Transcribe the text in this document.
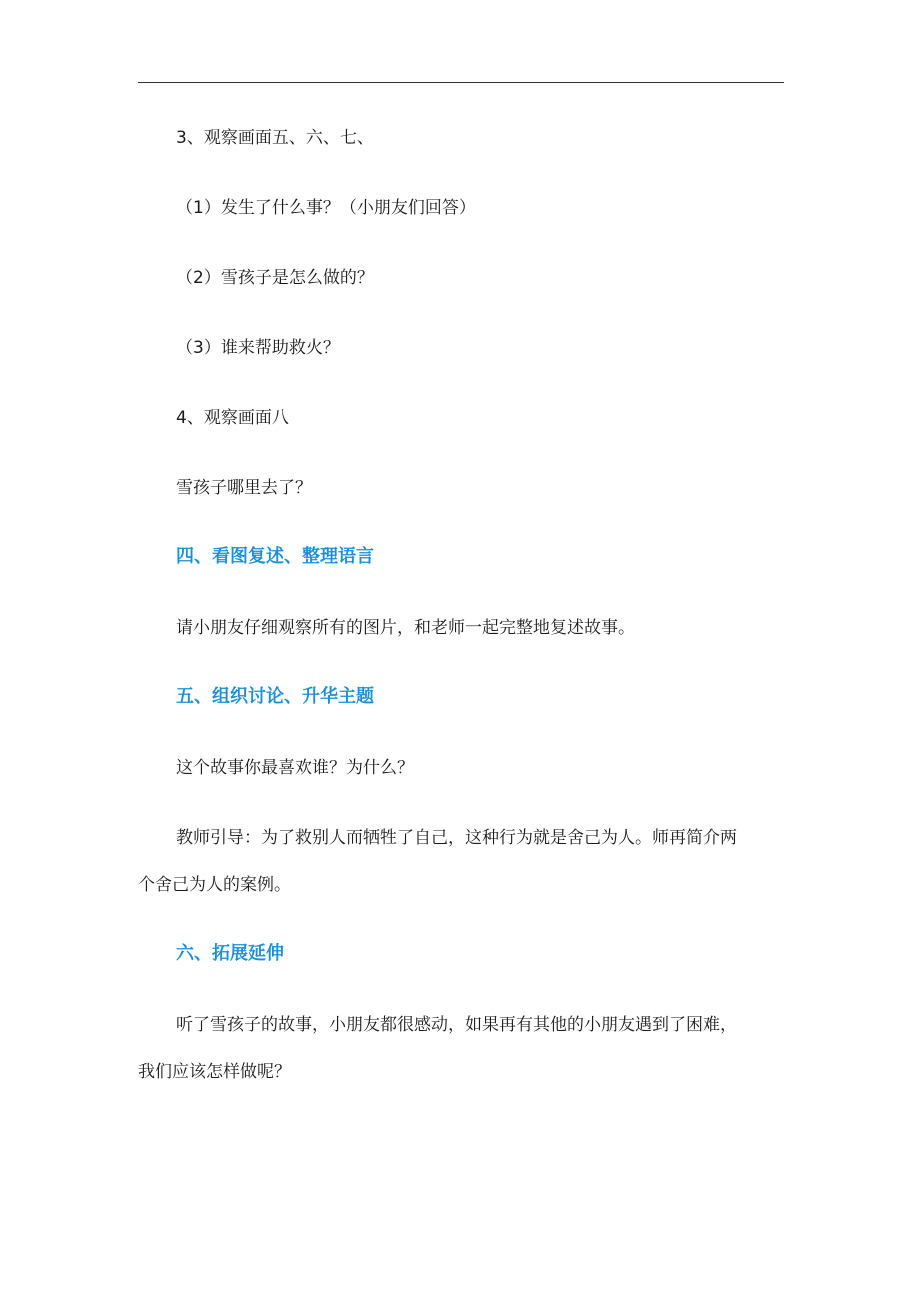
3、观察画面五、六、七、
（1）发生了什么事？（小朋友们回答）
（2）雪孩子是怎么做的？
（3）谁来帮助救火？
4、观察画面八
雪孩子哪里去了？
四、看图复述、整理语言
请小朋友仔细观察所有的图片，和老师一起完整地复述故事。
五、组织讨论、升华主题
这个故事你最喜欢谁？为什么？
教师引导：为了救别人而牺牲了自己，这种行为就是舍己为人。师再简介两
个舍己为人的案例。
六、拓展延伸
听了雪孩子的故事，小朋友都很感动，如果再有其他的小朋友遇到了困难，
我们应该怎样做呢？
